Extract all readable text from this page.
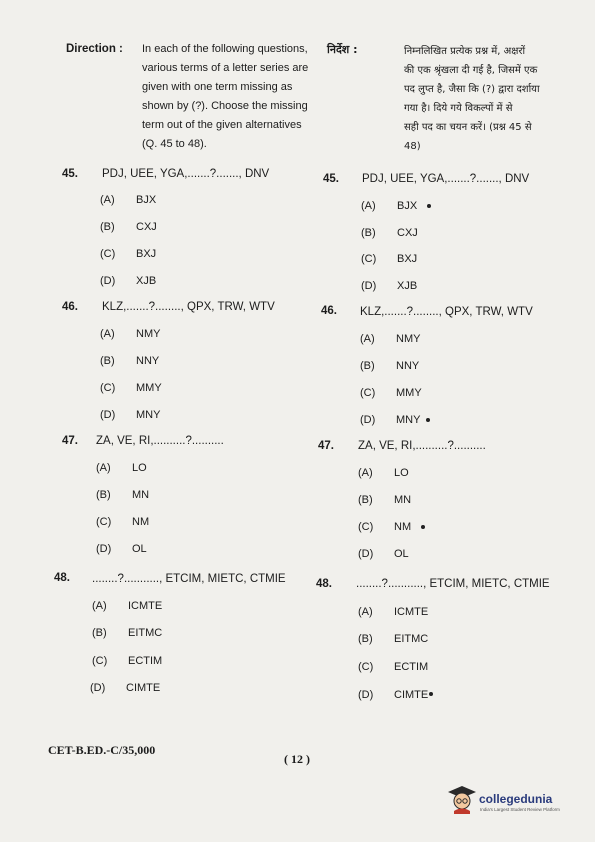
Direction : In each of the following questions,
various terms of a letter series are
given with one term missing as
shown by (?). Choose the missing
term out of the given alternatives
(Q. 45 to 48).
निर्देश :	निम्नलिखित प्रत्येक प्रश्न में, अक्षरों
की एक श्रृंखला दी गई है, जिसमें एक
पद लुप्त है, जैसा कि (?) द्वारा दर्शाया
गया है। दिये गये विकल्पों में से
सही पद का चयन करें। (प्रश्न 45 से
48)
45. PDJ, UEE, YGA,.......?......., DNV
(A) BJX
(B) CXJ
(C) BXJ
(D) XJB
46. KLZ,.......?........, QPX, TRW, WTV
(A) NMY
(B) NNY
(C) MMY
(D) MNY
47. ZA, VE, RI,..........?..........
(A) LO
(B) MN
(C) NM
(D) OL
48. ........?..........., ETCIM, MIETC, CTMIE
(A) ICMTE
(B) EITMC
(C) ECTIM
(D) CIMTE
45. PDJ, UEE, YGA,.......?......., DNV
(A) BJX
(B) CXJ
(C) BXJ
(D) XJB
46. KLZ,.......?........, QPX, TRW, WTV
(A) NMY
(B) NNY
(C) MMY
(D) MNY
47. ZA, VE, RI,..........?..........
(A) LO
(B) MN
(C) NM
(D) OL
48. ........?..........., ETCIM, MIETC, CTMIE
(A) ICMTE
(B) EITMC
(C) ECTIM
(D) CIMTE
CET-B.ED.-C/35,000
( 12 )
collegedunia
India's Largest Student Review Platform
